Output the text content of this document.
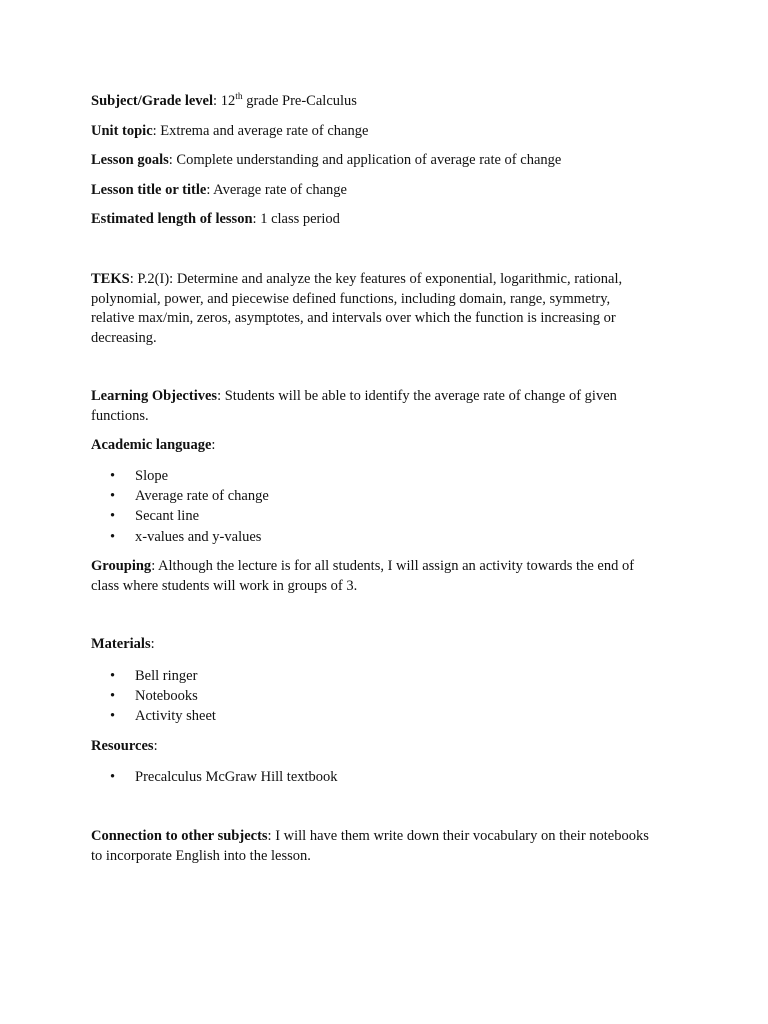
Subject/Grade level: 12th grade Pre-Calculus

Unit topic: Extrema and average rate of change

Lesson goals: Complete understanding and application of average rate of change

Lesson title or title: Average rate of change

Estimated length of lesson: 1 class period

TEKS: P.2(I): Determine and analyze the key features of exponential, logarithmic, rational,
polynomial, power, and piecewise defined functions, including domain, range, symmetry,
relative max/min, zeros, asymptotes, and intervals over which the function is increasing or
decreasing.
Learning Objectives: Students will be able to identify the average rate of change of given
functions.

Academic language:

• Slope
• Average rate of change
• Secant line
• x-values and y-values
Grouping: Although the lecture is for all students, I will assign an activity towards the end of
class where students will work in groups of 3.

Materials:

• Bell ringer
• Notebooks
• Activity sheet

Resources:

• Precalculus McGraw Hill textbook
Connection to other subjects: I will have them write down their vocabulary on their notebooks
to incorporate English into the lesson.
